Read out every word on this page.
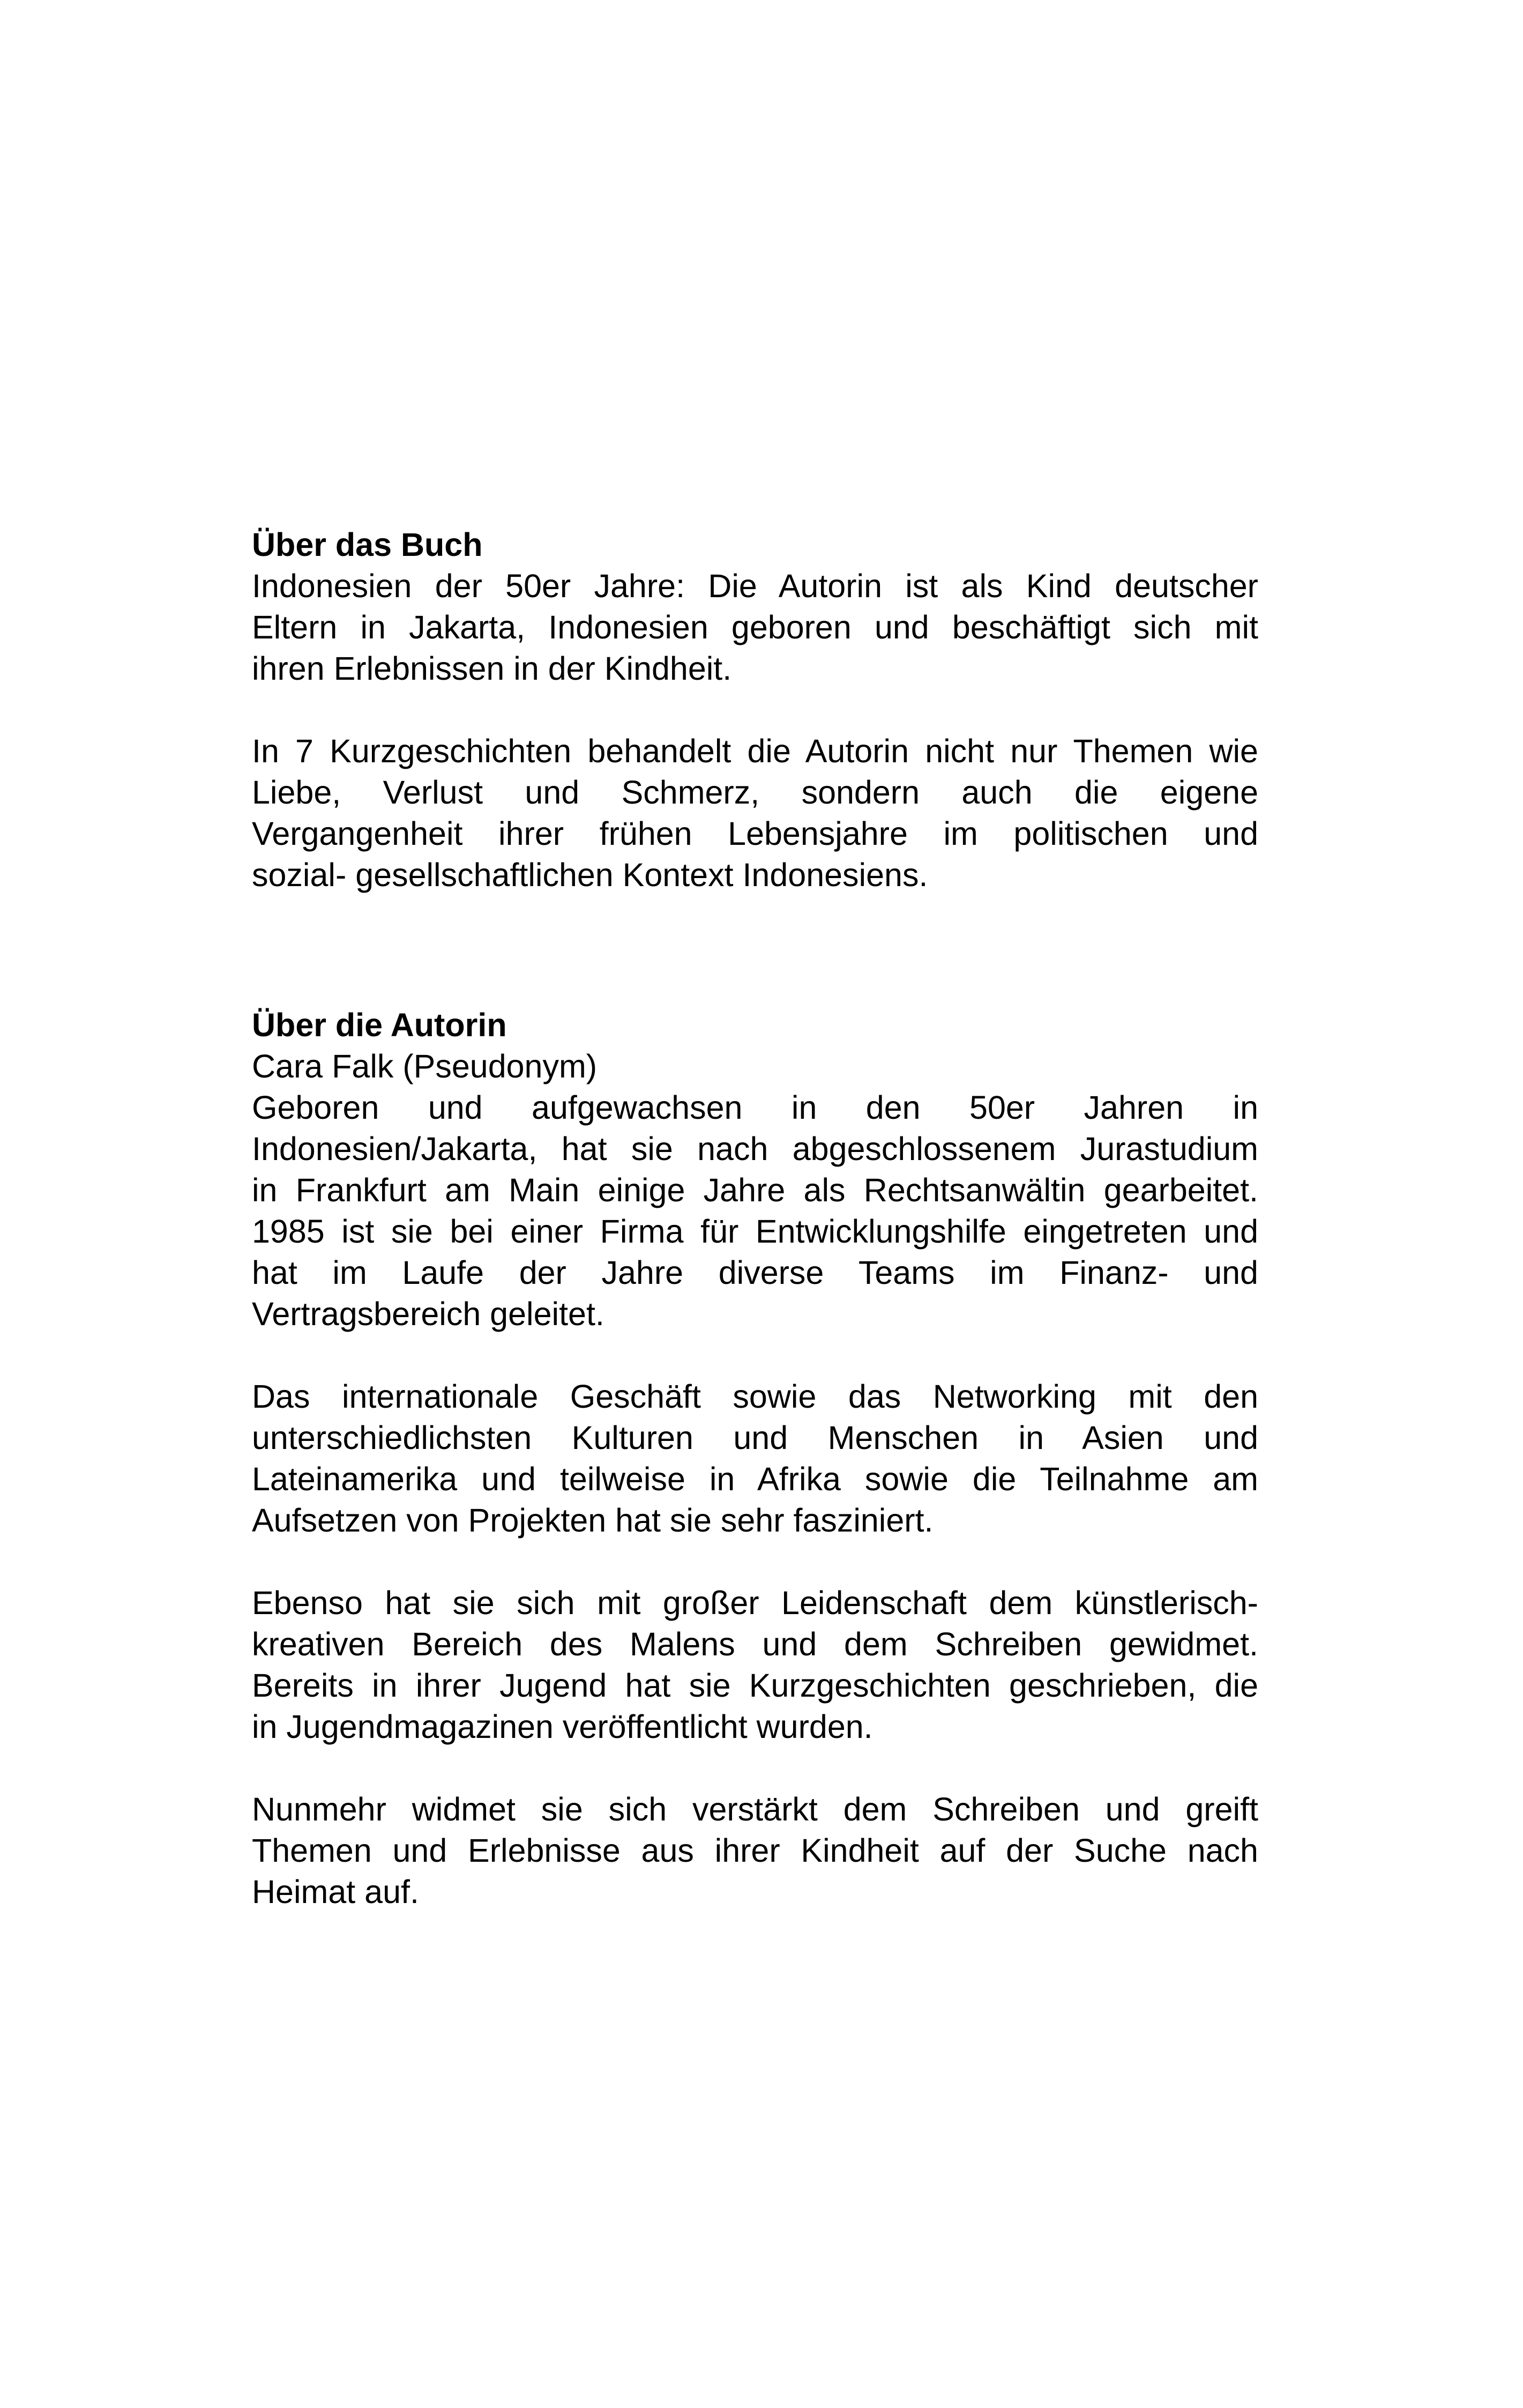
Über das Buch

Indonesien der 50er Jahre: Die Autorin ist als Kind deutscher

Eltern in Jakarta, Indonesien geboren und beschäftigt sich mit

ihren Erlebnissen in der Kindheit.

In 7 Kurzgeschichten behandelt die Autorin nicht nur Themen wie

Liebe, Verlust und Schmerz, sondern auch die eigene

Vergangenheit ihrer frühen Lebensjahre im politischen und

sozial- gesellschaftlichen Kontext Indonesiens.

Über die Autorin

Cara Falk (Pseudonym)

Geboren und aufgewachsen in den 50er Jahren in

Indonesien/Jakarta, hat sie nach abgeschlossenem Jurastudium

in Frankfurt am Main einige Jahre als Rechtsanwältin gearbeitet.

1985 ist sie bei einer Firma für Entwicklungshilfe eingetreten und

hat im Laufe der Jahre diverse Teams im Finanz- und

Vertragsbereich geleitet.

Das internationale Geschäft sowie das Networking mit den

unterschiedlichsten Kulturen und Menschen in Asien und

Lateinamerika und teilweise in Afrika sowie die Teilnahme am

Aufsetzen von Projekten hat sie sehr fasziniert.

Ebenso hat sie sich mit großer Leidenschaft dem künstlerisch-

kreativen Bereich des Malens und dem Schreiben gewidmet.

Bereits in ihrer Jugend hat sie Kurzgeschichten geschrieben, die

in Jugendmagazinen veröffentlicht wurden.

Nunmehr widmet sie sich verstärkt dem Schreiben und greift

Themen und Erlebnisse aus ihrer Kindheit auf der Suche nach

Heimat auf.
